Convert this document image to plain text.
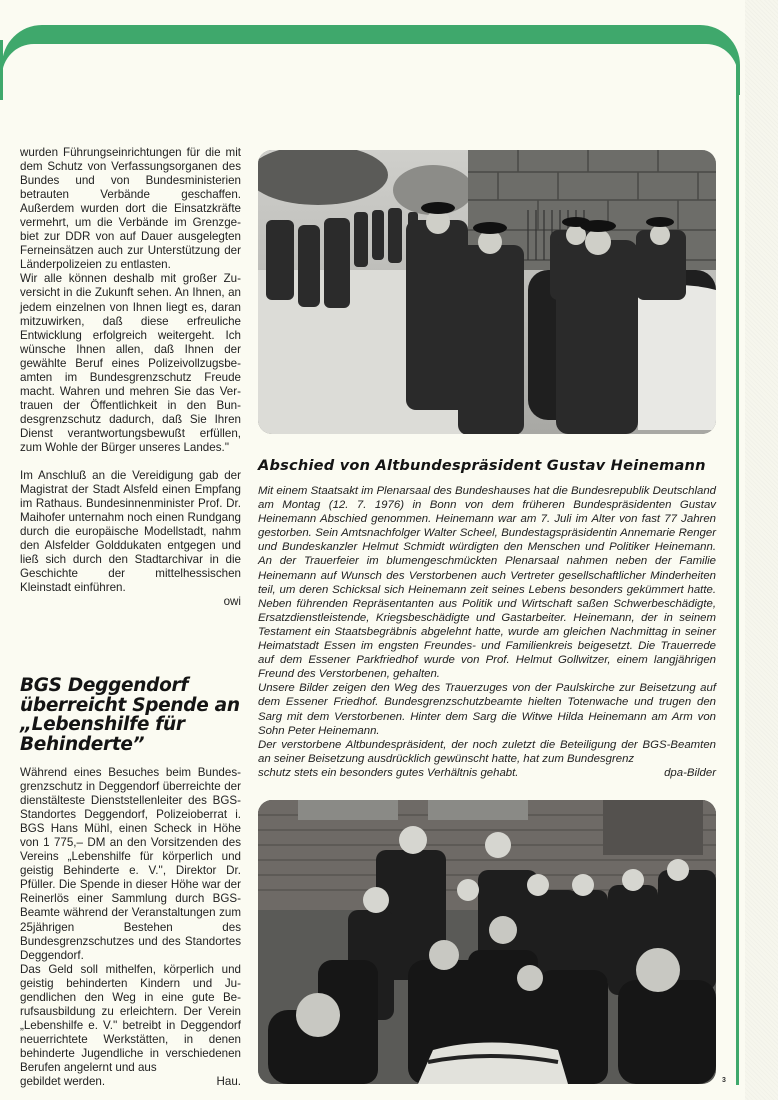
wurden Führungseinrichtungen für die mit dem Schutz von Verfassungsorganen des Bundes und von Bundesministerien betrauten Verbände geschaffen. Außerdem wurden dort die Einsatzkräfte vermehrt, um die Verbände im Grenzgebiet zur DDR von auf Dauer ausgelegten Ferneinsätzen auch zur Unterstützung der Länderpolizeien zu entlasten.

Wir alle können deshalb mit großer Zuversicht in die Zukunft sehen. An Ihnen, an jedem einzelnen von Ihnen liegt es, daran mitzuwirken, daß diese erfreuliche Entwicklung erfolgreich weitergeht. Ich wünsche Ihnen allen, daß Ihnen der gewählte Beruf eines Polizeivollzugsbeamten im Bundesgrenzschutz Freude macht. Wahren und mehren Sie das Vertrauen der Öffentlichkeit in den Bundesgrenzschutz dadurch, daß Sie Ihren Dienst verantwortungsbewußt erfüllen, zum Wohle der Bürger unseres Landes.''

Im Anschluß an die Vereidigung gab der Magistrat der Stadt Alsfeld einen Empfang im Rathaus. Bundesinnenminister Prof. Dr. Maihofer unternahm noch einen Rundgang durch die europäische Modellstadt, nahm den Alsfelder Golddukaten entgegen und ließ sich durch den Stadtarchivar in die Geschichte der mittelhessischen Kleinstadt einführen.

owi

BGS Deggendorf überreicht Spende an „Lebenshilfe für Behinderte”

Während eines Besuches beim Bundesgrenzschutz in Deggendorf überreichte der dienstälteste Dienststellenleiter des BGS-Standortes Deggendorf, Polizeioberrat i. BGS Hans Mühl, einen Scheck in Höhe von 1 775,– DM an den Vorsitzenden des Vereins „Lebenshilfe für körperlich und geistig Behinderte e. V.'', Direktor Dr. Pfüller. Die Spende in dieser Höhe war der Reinerlös einer Sammlung durch BGS-Beamte während der Veranstaltungen zum 25jährigen Bestehen des Bundesgrenzschutzes und des Standortes Deggendorf.

Das Geld soll mithelfen, körperlich und geistig behinderten Kindern und Jugendlichen den Weg in eine gute Berufsausbildung zu erleichtern. Der Verein „Lebenshilfe e. V.'' betreibt in Deggendorf neuerrichtete Werkstätten, in denen behinderte Jugendliche in verschiedenen Berufen angelernt und aus

gebildet werden.	Hau.
Abschied von Altbundespräsident Gustav Heinemann

Mit einem Staatsakt im Plenarsaal des Bundeshauses hat die Bundesrepublik Deutschland am Montag (12. 7. 1976) in Bonn von dem früheren Bundespräsidenten Gustav Heinemann Abschied genommen. Heinemann war am 7. Juli im Alter von fast 77 Jahren gestorben. Sein Amtsnachfolger Walter Scheel, Bundestagspräsidentin Annemarie Renger und Bundeskanzler Helmut Schmidt würdigten den Menschen und Politiker Heinemann. An der Trauerfeier im blumengeschmückten Plenarsaal nahmen neben der Familie Heinemann auf Wunsch des Verstorbenen auch Vertreter gesellschaftlicher Minderheiten teil, um deren Schicksal sich Heinemann zeit seines Lebens besonders gekümmert hatte. Neben führenden Repräsentanten aus Politik und Wirtschaft saßen Schwerbeschädigte, Ersatzdienstleistende, Kriegsbeschädigte und Gastarbeiter. Heinemann, der in seinem Testament ein Staatsbegräbnis abgelehnt hatte, wurde am gleichen Nachmittag in seiner Heimatstadt Essen im engsten Freundes- und Familienkreis beigesetzt. Die Trauerrede auf dem Essener Parkfriedhof wurde von Prof. Helmut Gollwitzer, einem langjährigen Freund des Verstorbenen, gehalten.

Unsere Bilder zeigen den Weg des Trauerzuges von der Paulskirche zur Beisetzung auf dem Essener Friedhof. Bundesgrenzschutzbeamte hielten Totenwache und trugen den Sarg mit dem Verstorbenen. Hinter dem Sarg die Witwe Hilda Heinemann am Arm von Sohn Peter Heinemann.

Der verstorbene Altbundespräsident, der noch zuletzt die Beteiligung der BGS-Beamten an seiner Beisetzung ausdrücklich gewünscht hatte, hat zum Bundesgrenz

schutz stets ein besonders gutes Verhältnis gehabt.	dpa-Bilder
3
